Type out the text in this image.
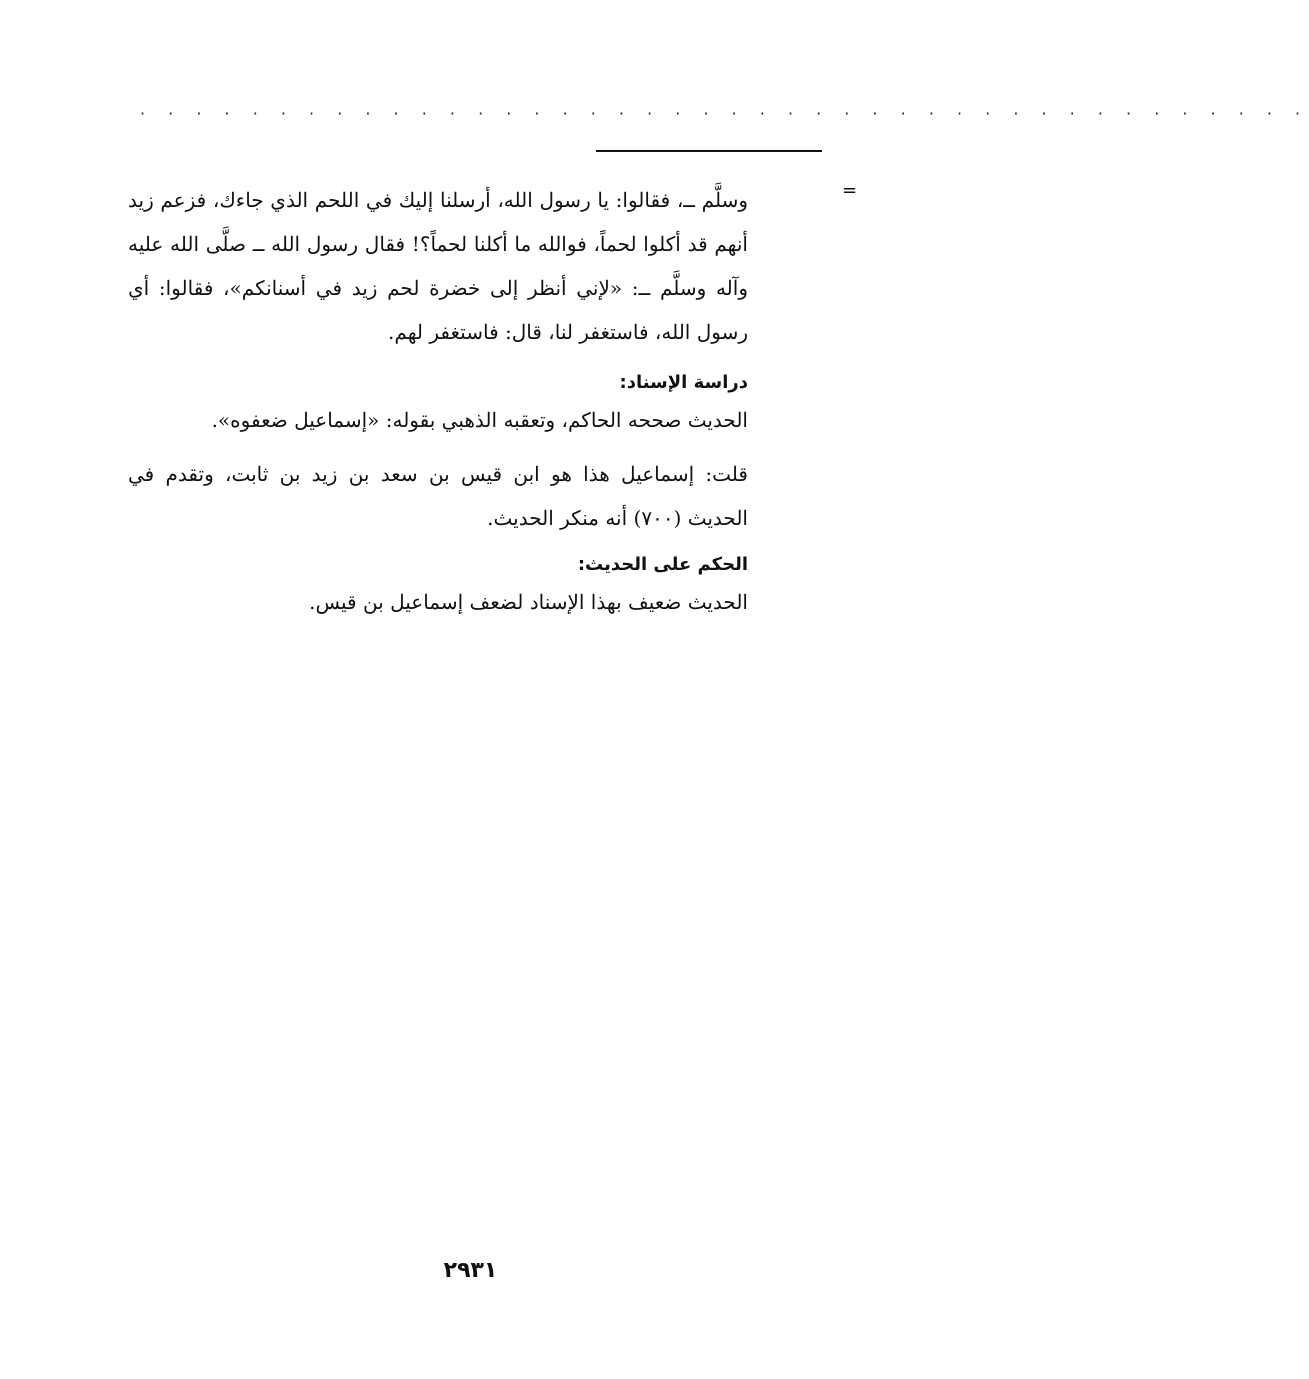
· · · · · · · · · · · · · · · · · · · · · · · · · · · · · · · · · · · · · · · · · ·
=

وسلَّم ــ، فقالوا: يا رسول الله، أرسلنا إليك في اللحم الذي جاءك، فزعم زيد أنهم قد أكلوا لحماً، فوالله ما أكلنا لحماً؟! فقال رسول الله ــ صلَّى الله عليه وآله وسلَّم ــ: «لإني أنظر إلى خضرة لحم زيد في أسنانكم»، فقالوا: أي رسول الله، فاستغفر لنا، قال: فاستغفر لهم.

دراسة الإسناد:

الحديث صححه الحاكم، وتعقبه الذهبي بقوله: «إسماعيل ضعفوه».

قلت: إسماعيل هذا هو ابن قيس بن سعد بن زيد بن ثابت، وتقدم في الحديث (٧٠٠) أنه منكر الحديث.

الحكم على الحديث:

الحديث ضعيف بهذا الإسناد لضعف إسماعيل بن قيس.

٢٩٣١
